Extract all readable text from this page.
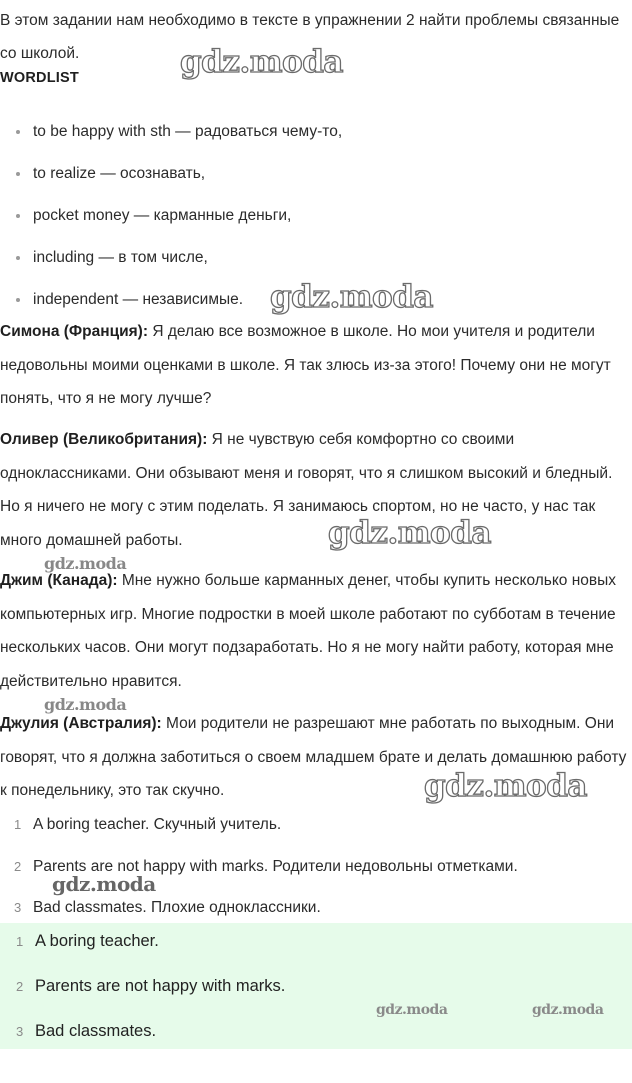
В этом задании нам необходимо в тексте в упражнении 2 найти проблемы связанные со школой.
WORDLIST
to be happy with sth — радоваться чему-то,
to realize — осознавать,
pocket money — карманные деньги,
including — в том числе,
independent — независимые.
Симона (Франция): Я делаю все возможное в школе. Но мои учителя и родители недовольны моими оценками в школе. Я так злюсь из-за этого! Почему они не могут понять, что я не могу лучше?
Оливер (Великобритания): Я не чувствую себя комфортно со своими одноклассниками. Они обзывают меня и говорят, что я слишком высокий и бледный. Но я ничего не могу с этим поделать. Я занимаюсь спортом, но не часто, у нас так много домашней работы.
Джим (Канада): Мне нужно больше карманных денег, чтобы купить несколько новых компьютерных игр. Многие подростки в моей школе работают по субботам в течение нескольких часов. Они могут подзаработать. Но я не могу найти работу, которая мне действительно нравится.
Джулия (Австралия): Мои родители не разрешают мне работать по выходным. Они говорят, что я должна заботиться о своем младшем брате и делать домашнюю работу к понедельнику, это так скучно.
1 A boring teacher. Скучный учитель.
2 Parents are not happy with marks. Родители недовольны отметками.
3 Bad classmates. Плохие одноклассники.
1 A boring teacher.
2 Parents are not happy with marks.
3 Bad classmates.
gdz.moda
gdz.moda
gdz.moda
gdz.moda
gdz.moda
gdz.moda
gdz.moda
gdz.moda	gdz.moda
